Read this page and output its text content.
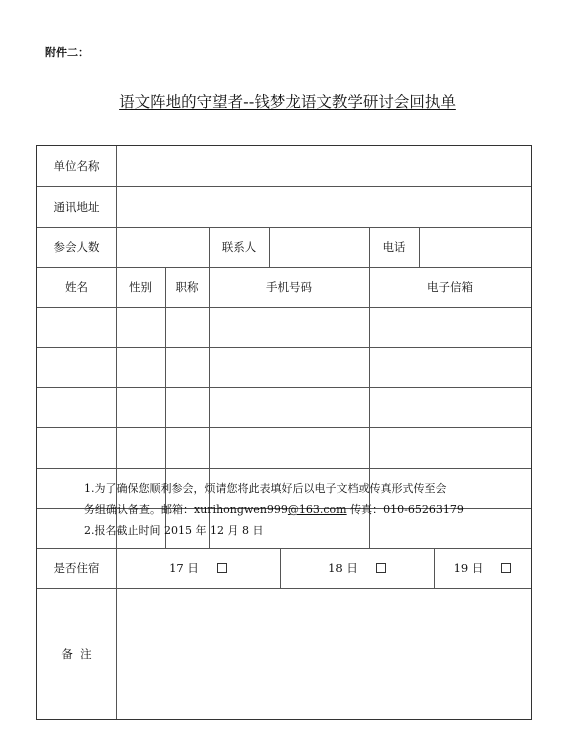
附件二：
语文阵地的守望者--钱梦龙语文教学研讨会回执单
单位名称
通讯地址
参会人数	联系人	电话
姓名	性别	职称	手机号码	电子信箱
是否住宿	17 日	18 日	19 日
备  注

1.为了确保您顺利参会，烦请您将此表填好后以电子文档或传真形式传至会

务组确认备查。邮箱：xurihongwen999@163.com 传真：010-65263179

2.报名截止时间 2015 年 12 月 8 日
